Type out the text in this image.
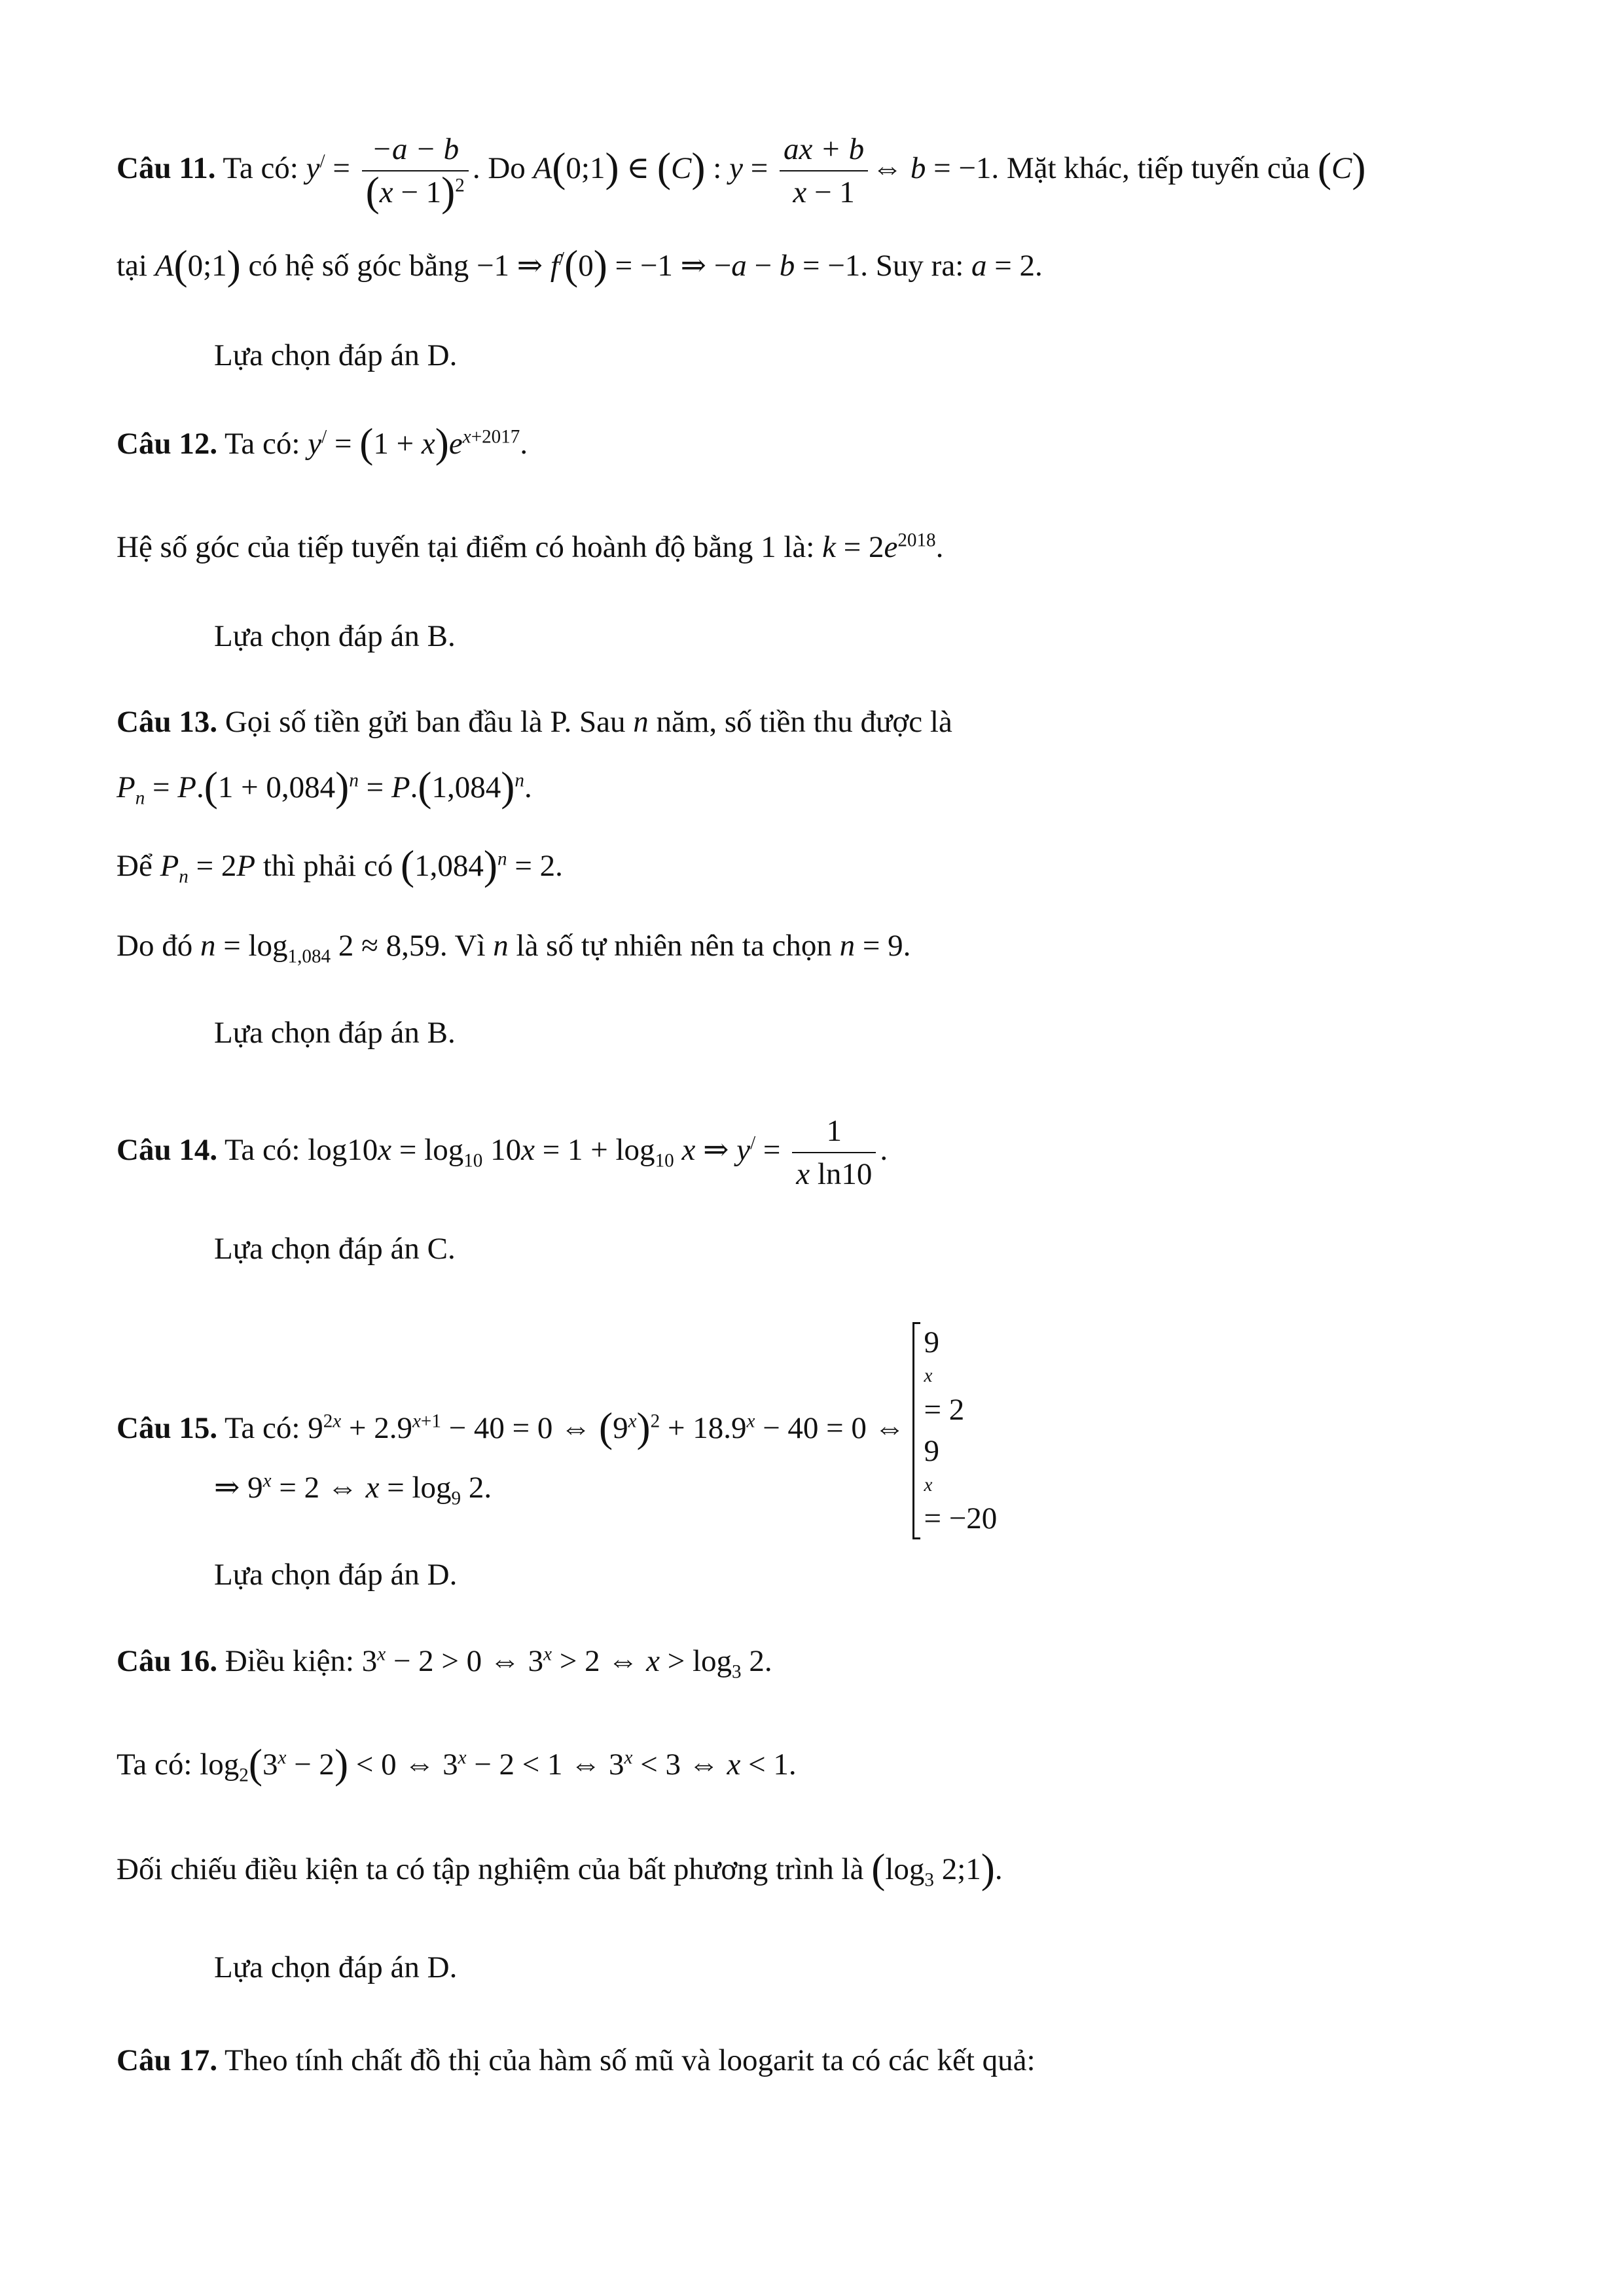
Câu 11. Ta có: $y^/ = \frac{-a - b}{(x - 1)^2}$ . Do A(0;1) ∈ (C) : $y = \frac{ax + b}{x - 1}$ ⇔ b = −1. Mặt khác, tiếp tuyến của (C)
tại A(0;1) có hệ số góc bằng −1 ⇒ f/(0) = −1 ⇒ −a − b = −1. Suy ra: a = 2.
Lựa chọn đáp án D.
Câu 12. Ta có: $y^/ = (1 + x)e^{x+2017}$.
Hệ số góc của tiếp tuyến tại điểm có hoành độ bằng 1 là: $k = 2e^{2018}$.
Lựa chọn đáp án B.
Câu 13. Gọi số tiền gửi ban đầu là P. Sau n năm, số tiền thu được là
$P_n = P.(1 + 0,084)^n = P.(1,084)^n$.
Để $P_n = 2P$ thì phải có $(1,084)^n = 2$.
Do đó $n = \log_{1,084} 2 \approx 8,59$. Vì n là số tự nhiên nên ta chọn n = 9.
Lựa chọn đáp án B.
Câu 14. Ta có: $\log 10x = \log_{10} 10x = 1 + \log_{10} x$ ⇒ $y^/ = \frac{1}{\text{x ln10}}$ .
Lựa chọn đáp án C.
Câu 15. Ta có: $9^{2x} + 2.9^{x+1} - 40 = 0$ ⇔ $(9^x)^2 + 18.9^x - 40 = 0$ ⇔
9
$^x$
= 2
9
$^x$
= −20
⇒ $9^x = 2$ ⇔ $x = \log_9 2$.
Lựa chọn đáp án D.
Câu 16. Điều kiện: $3^x - 2 > 0$ ⇔ $3^x > 2$ ⇔ $x > \log_3 2$.
Ta có: $\log_2(3^x - 2) < 0$ ⇔ $3^x - 2 < 1$ ⇔ $3^x < 3$ ⇔ x < 1.
Đối chiếu điều kiện ta có tập nghiệm của bất phương trình là ($\log_3$ 2;1).
Lựa chọn đáp án D.
Câu 17. Theo tính chất đồ thị của hàm số mũ và loogarit ta có các kết quả:
